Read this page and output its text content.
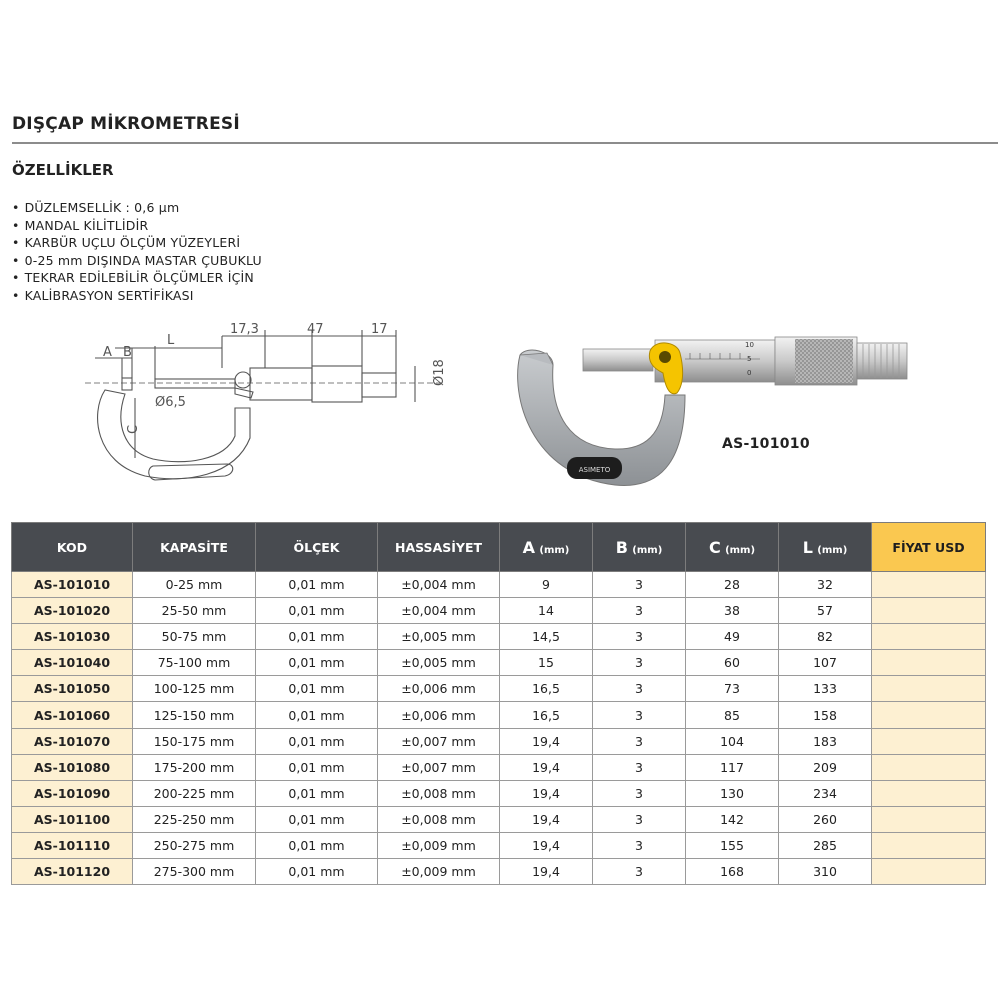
DIŞÇAP MİKROMETRESİ
ÖZELLİKLER
• DÜZLEMSELLİK : 0,6 µm
• MANDAL KİLİTLİDİR
• KARBÜR UÇLU ÖLÇÜM YÜZEYLERİ
• 0-25 mm DIŞINDA MASTAR ÇUBUKLU
• TEKRAR EDİLEBİLİR ÖLÇÜMLER İÇİN
• KALİBRASYON SERTİFİKASI
A B
L
C
17,3	47	17
Ø6,5
Ø18
ASIMETO
10
5
0
AS-101010
KOD	KAPASİTE	ÖLÇEK	HASSASİYET	A (mm)	B (mm)	C (mm)	L (mm)	FİYAT USD
AS-101010	0-25 mm	0,01 mm	±0,004 mm	9	3	28	32	
AS-101020	25-50 mm	0,01 mm	±0,004 mm	14	3	38	57	
AS-101030	50-75 mm	0,01 mm	±0,005 mm	14,5	3	49	82	
AS-101040	75-100 mm	0,01 mm	±0,005 mm	15	3	60	107	
AS-101050	100-125 mm	0,01 mm	±0,006 mm	16,5	3	73	133	
AS-101060	125-150 mm	0,01 mm	±0,006 mm	16,5	3	85	158	
AS-101070	150-175 mm	0,01 mm	±0,007 mm	19,4	3	104	183	
AS-101080	175-200 mm	0,01 mm	±0,007 mm	19,4	3	117	209	
AS-101090	200-225 mm	0,01 mm	±0,008 mm	19,4	3	130	234	
AS-101100	225-250 mm	0,01 mm	±0,008 mm	19,4	3	142	260	
AS-101110	250-275 mm	0,01 mm	±0,009 mm	19,4	3	155	285	
AS-101120	275-300 mm	0,01 mm	±0,009 mm	19,4	3	168	310	
